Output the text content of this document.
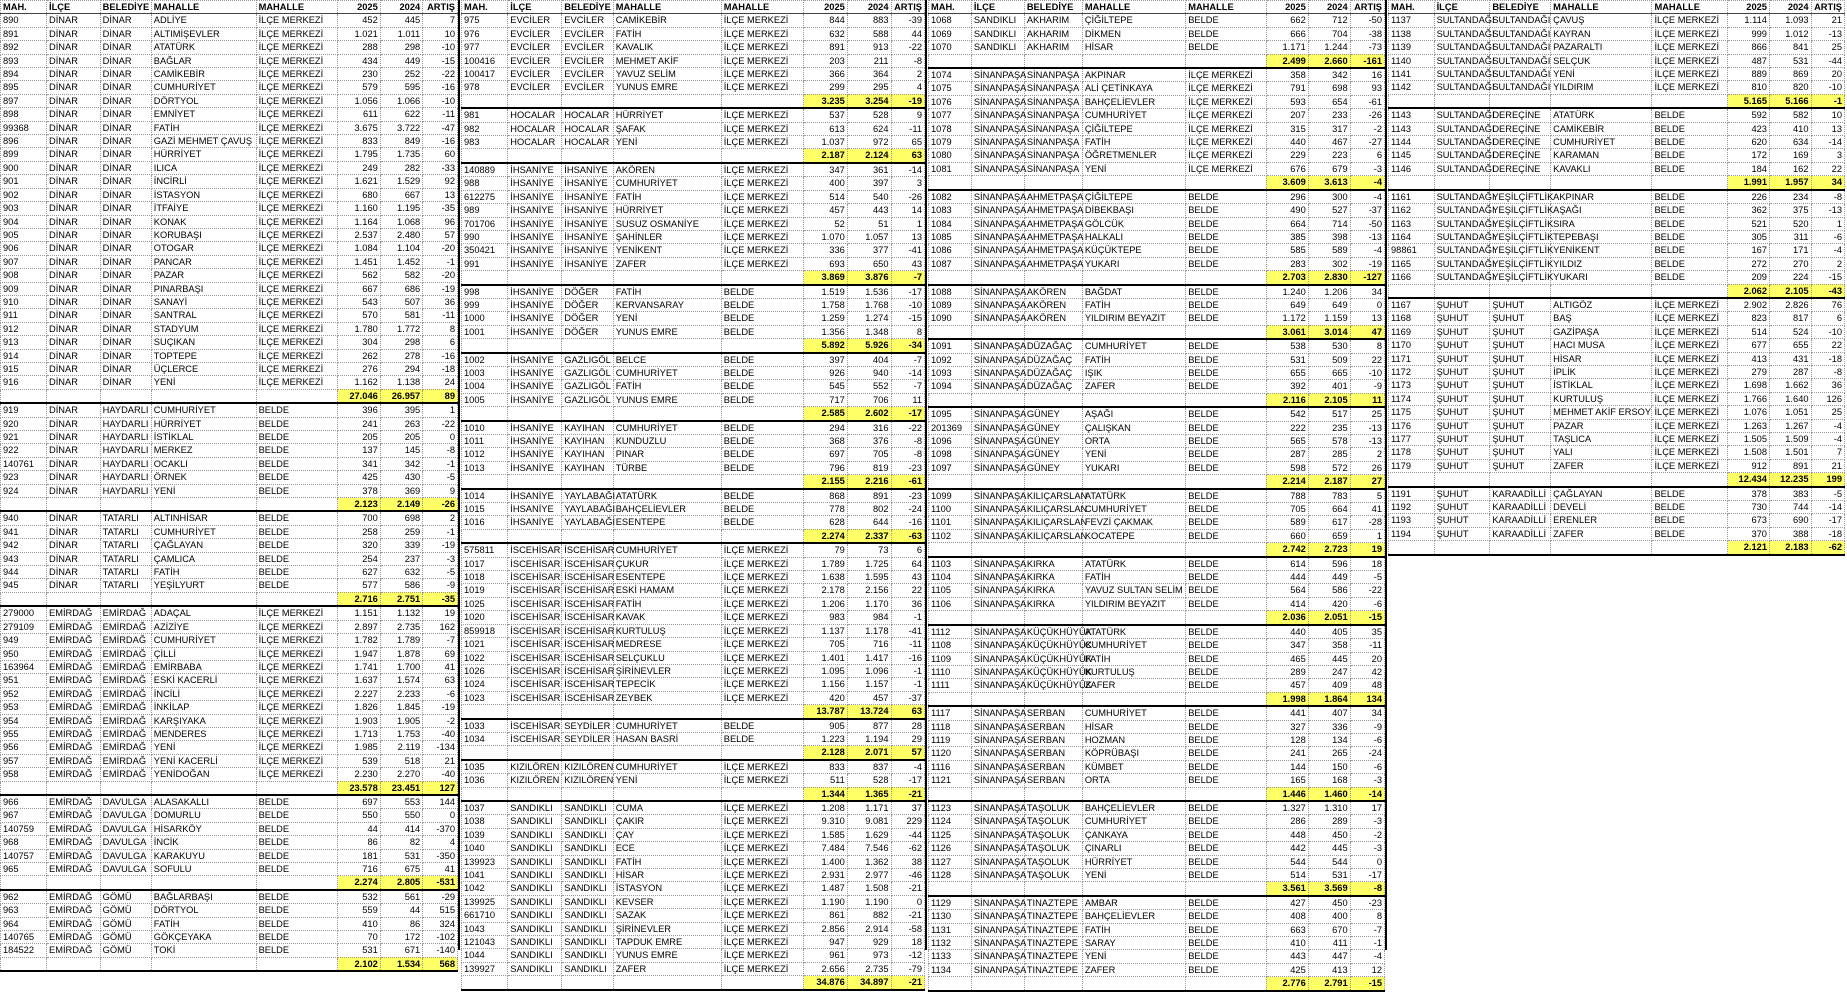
MAH.	İLÇE	BELEDİYE	MAHALLE	MAHALLE	2025	2024	ARTIŞ
890	DİNAR	DİNAR	ADLİYE	İLÇE MERKEZİ	452	445	7
891	DİNAR	DİNAR	ALTIMİŞEVLER	İLÇE MERKEZİ	1.021	1.011	10
892	DİNAR	DİNAR	ATATÜRK	İLÇE MERKEZİ	288	298	-10
893	DİNAR	DİNAR	BAĞLAR	İLÇE MERKEZİ	434	449	-15
894	DİNAR	DİNAR	CAMİKEBİR	İLÇE MERKEZİ	230	252	-22
895	DİNAR	DİNAR	CUMHURİYET	İLÇE MERKEZİ	579	595	-16
897	DİNAR	DİNAR	DÖRTYOL	İLÇE MERKEZİ	1.056	1.066	-10
898	DİNAR	DİNAR	EMNİYET	İLÇE MERKEZİ	611	622	-11
99368	DİNAR	DİNAR	FATİH	İLÇE MERKEZİ	3.675	3.722	-47
896	DİNAR	DİNAR	GAZİ MEHMET ÇAVUŞ	İLÇE MERKEZİ	833	849	-16
899	DİNAR	DİNAR	HÜRRİYET	İLÇE MERKEZİ	1.795	1.735	60
900	DİNAR	DİNAR	ILICA	İLÇE MERKEZİ	249	282	-33
901	DİNAR	DİNAR	İNCİRLİ	İLÇE MERKEZİ	1.621	1.529	92
902	DİNAR	DİNAR	İSTASYON	İLÇE MERKEZİ	680	667	13
903	DİNAR	DİNAR	İTFAİYE	İLÇE MERKEZİ	1.160	1.195	-35
904	DİNAR	DİNAR	KONAK	İLÇE MERKEZİ	1.164	1.068	96
905	DİNAR	DİNAR	KORUBAŞI	İLÇE MERKEZİ	2.537	2.480	57
906	DİNAR	DİNAR	OTOGAR	İLÇE MERKEZİ	1.084	1.104	-20
907	DİNAR	DİNAR	PANCAR	İLÇE MERKEZİ	1.451	1.452	-1
908	DİNAR	DİNAR	PAZAR	İLÇE MERKEZİ	562	582	-20
909	DİNAR	DİNAR	PINARBAŞI	İLÇE MERKEZİ	667	686	-19
910	DİNAR	DİNAR	SANAYİ	İLÇE MERKEZİ	543	507	36
911	DİNAR	DİNAR	SANTRAL	İLÇE MERKEZİ	570	581	-11
912	DİNAR	DİNAR	STADYUM	İLÇE MERKEZİ	1.780	1.772	8
913	DİNAR	DİNAR	SUÇIKAN	İLÇE MERKEZİ	304	298	6
914	DİNAR	DİNAR	TOPTEPE	İLÇE MERKEZİ	262	278	-16
915	DİNAR	DİNAR	ÜÇLERCE	İLÇE MERKEZİ	276	294	-18
916	DİNAR	DİNAR	YENİ	İLÇE MERKEZİ	1.162	1.138	24
					27.046	26.957	89
919	DİNAR	HAYDARLI	CUMHURİYET	BELDE	396	395	1
920	DİNAR	HAYDARLI	HÜRRİYET	BELDE	241	263	-22
921	DİNAR	HAYDARLI	İSTİKLAL	BELDE	205	205	0
922	DİNAR	HAYDARLI	MERKEZ	BELDE	137	145	-8
140761	DİNAR	HAYDARLI	OCAKLI	BELDE	341	342	-1
923	DİNAR	HAYDARLI	ÖRNEK	BELDE	425	430	-5
924	DİNAR	HAYDARLI	YENİ	BELDE	378	369	9
					2.123	2.149	-26
940	DİNAR	TATARLI	ALTINHİSAR	BELDE	700	698	2
941	DİNAR	TATARLI	CUMHURİYET	BELDE	258	259	-1
942	DİNAR	TATARLI	ÇAĞLAYAN	BELDE	320	339	-19
943	DİNAR	TATARLI	ÇAMLICA	BELDE	254	237	-3
944	DİNAR	TATARLI	FATİH	BELDE	627	632	-5
945	DİNAR	TATARLI	YEŞİLYURT	BELDE	577	586	-9
					2.716	2.751	-35
279000	EMİRDAĞ	EMİRDAĞ	ADAÇAL	İLÇE MERKEZİ	1.151	1.132	19
279109	EMİRDAĞ	EMİRDAĞ	AZİZİYE	İLÇE MERKEZİ	2.897	2.735	162
949	EMİRDAĞ	EMİRDAĞ	CUMHURİYET	İLÇE MERKEZİ	1.782	1.789	-7
950	EMİRDAĞ	EMİRDAĞ	ÇİLLİ	İLÇE MERKEZİ	1.947	1.878	69
163964	EMİRDAĞ	EMİRDAĞ	EMİRBABA	İLÇE MERKEZİ	1.741	1.700	41
951	EMİRDAĞ	EMİRDAĞ	ESKİ KACERLİ	İLÇE MERKEZİ	1.637	1.574	63
952	EMİRDAĞ	EMİRDAĞ	İNCİLİ	İLÇE MERKEZİ	2.227	2.233	-6
953	EMİRDAĞ	EMİRDAĞ	İNKİLAP	İLÇE MERKEZİ	1.826	1.845	-19
954	EMİRDAĞ	EMİRDAĞ	KARŞIYAKA	İLÇE MERKEZİ	1.903	1.905	-2
955	EMİRDAĞ	EMİRDAĞ	MENDERES	İLÇE MERKEZİ	1.713	1.753	-40
956	EMİRDAĞ	EMİRDAĞ	YENİ	İLÇE MERKEZİ	1.985	2.119	-134
957	EMİRDAĞ	EMİRDAĞ	YENİ KACERLİ	İLÇE MERKEZİ	539	518	21
958	EMİRDAĞ	EMİRDAĞ	YENİDOĞAN	İLÇE MERKEZİ	2.230	2.270	-40
					23.578	23.451	127
966	EMİRDAĞ	DAVULGA	ALASAKALLI	BELDE	697	553	144
967	EMİRDAĞ	DAVULGA	DOMURLU	BELDE	550	550	0
140759	EMİRDAĞ	DAVULGA	HİSARKÖY	BELDE	44	414	-370
968	EMİRDAĞ	DAVULGA	İNCİK	BELDE	86	82	4
140757	EMİRDAĞ	DAVULGA	KARAKUYU	BELDE	181	531	-350
965	EMİRDAĞ	DAVULGA	SOFULU	BELDE	716	675	41
					2.274	2.805	-531
962	EMİRDAĞ	GÖMÜ	BAĞLARBAŞI	BELDE	532	561	-29
963	EMİRDAĞ	GÖMÜ	DÖRTYOL	BELDE	559	44	515
964	EMİRDAĞ	GÖMÜ	FATİH	BELDE	410	86	324
140765	EMİRDAĞ	GÖMÜ	GÖKÇEYAKA	BELDE	70	172	-102
184522	EMİRDAĞ	GÖMÜ	TOKİ	BELDE	531	671	-140
					2.102	1.534	568
MAH.	İLÇE	BELEDİYE	MAHALLE	MAHALLE	2025	2024	ARTIŞ
975	EVCİLER	EVCİLER	CAMİKEBİR	İLÇE MERKEZİ	844	883	-39
976	EVCİLER	EVCİLER	FATİH	İLÇE MERKEZİ	632	588	44
977	EVCİLER	EVCİLER	KAVALIK	İLÇE MERKEZİ	891	913	-22
100416	EVCİLER	EVCİLER	MEHMET AKİF	İLÇE MERKEZİ	203	211	-8
100417	EVCİLER	EVCİLER	YAVUZ SELİM	İLÇE MERKEZİ	366	364	2
978	EVCİLER	EVCİLER	YUNUS EMRE	İLÇE MERKEZİ	299	295	4
					3.235	3.254	-19
981	HOCALAR	HOCALAR	HÜRRİYET	İLÇE MERKEZİ	537	528	9
982	HOCALAR	HOCALAR	ŞAFAK	İLÇE MERKEZİ	613	624	-11
983	HOCALAR	HOCALAR	YENİ	İLÇE MERKEZİ	1.037	972	65
					2.187	2.124	63
140889	İHSANİYE	İHSANİYE	AKÖREN	İLÇE MERKEZİ	347	361	-14
988	İHSANİYE	İHSANİYE	CUMHURİYET	İLÇE MERKEZİ	400	397	3
612275	İHSANİYE	İHSANİYE	FATİH	İLÇE MERKEZİ	514	540	-26
989	İHSANİYE	İHSANİYE	HÜRRİYET	İLÇE MERKEZİ	457	443	14
701706	İHSANİYE	İHSANİYE	SUSUZ OSMANİYE	İLÇE MERKEZİ	52	51	1
990	İHSANİYE	İHSANİYE	ŞAHİNLER	İLÇE MERKEZİ	1.070	1.057	13
350421	İHSANİYE	İHSANİYE	YENİKENT	İLÇE MERKEZİ	336	377	-41
991	İHSANİYE	İHSANİYE	ZAFER	İLÇE MERKEZİ	693	650	43
					3.869	3.876	-7
998	İHSANİYE	DÖĞER	FATİH	BELDE	1.519	1.536	-17
999	İHSANİYE	DÖĞER	KERVANSARAY	BELDE	1.758	1.768	-10
1000	İHSANİYE	DÖĞER	YENİ	BELDE	1.259	1.274	-15
1001	İHSANİYE	DÖĞER	YUNUS EMRE	BELDE	1.356	1.348	8
					5.892	5.926	-34
1002	İHSANİYE	GAZLIGÖL	BELCE	BELDE	397	404	-7
1003	İHSANİYE	GAZLIGÖL	CUMHURİYET	BELDE	926	940	-14
1004	İHSANİYE	GAZLIGÖL	FATİH	BELDE	545	552	-7
1005	İHSANİYE	GAZLIGÖL	YUNUS EMRE	BELDE	717	706	11
					2.585	2.602	-17
1010	İHSANİYE	KAYIHAN	CUMHURİYET	BELDE	294	316	-22
1011	İHSANİYE	KAYIHAN	KUNDUZLU	BELDE	368	376	-8
1012	İHSANİYE	KAYIHAN	PINAR	BELDE	697	705	-8
1013	İHSANİYE	KAYIHAN	TÜRBE	BELDE	796	819	-23
					2.155	2.216	-61
1014	İHSANİYE	YAYLABAĞI	ATATÜRK	BELDE	868	891	-23
1015	İHSANİYE	YAYLABAĞI	BAHÇELİEVLER	BELDE	778	802	-24
1016	İHSANİYE	YAYLABAĞI	ESENTEPE	BELDE	628	644	-16
					2.274	2.337	-63
575811	İSCEHİSAR	İSCEHİSAR	CUMHURİYET	İLÇE MERKEZİ	79	73	6
1017	İSCEHİSAR	İSCEHİSAR	ÇUKUR	İLÇE MERKEZİ	1.789	1.725	64
1018	İSCEHİSAR	İSCEHİSAR	ESENTEPE	İLÇE MERKEZİ	1.638	1.595	43
1019	İSCEHİSAR	İSCEHİSAR	ESKİ HAMAM	İLÇE MERKEZİ	2.178	2.156	22
1025	İSCEHİSAR	İSCEHİSAR	FATİH	İLÇE MERKEZİ	1.206	1.170	36
1020	İSCEHİSAR	İSCEHİSAR	KAVAK	İLÇE MERKEZİ	983	984	-1
859918	İSCEHİSAR	İSCEHİSAR	KURTULUŞ	İLÇE MERKEZİ	1.137	1.178	-41
1021	İSCEHİSAR	İSCEHİSAR	MEDRESE	İLÇE MERKEZİ	705	716	-11
1022	İSCEHİSAR	İSCEHİSAR	SELÇUKLU	İLÇE MERKEZİ	1.401	1.417	-16
1026	İSCEHİSAR	İSCEHİSAR	ŞİRİNEVLER	İLÇE MERKEZİ	1.095	1.096	-1
1024	İSCEHİSAR	İSCEHİSAR	TEPECİK	İLÇE MERKEZİ	1.156	1.157	-1
1023	İSCEHİSAR	İSCEHİSAR	ZEYBEK	İLÇE MERKEZİ	420	457	-37
					13.787	13.724	63
1033	İSCEHİSAR	SEYDİLER	CUMHURİYET	BELDE	905	877	28
1034	İSCEHİSAR	SEYDİLER	HASAN BASRİ	BELDE	1.223	1.194	29
					2.128	2.071	57
1035	KIZILÖREN	KIZILÖREN	CUMHURİYET	İLÇE MERKEZİ	833	837	-4
1036	KIZILÖREN	KIZILÖREN	YENİ	İLÇE MERKEZİ	511	528	-17
					1.344	1.365	-21
1037	SANDIKLI	SANDIKLI	CUMA	İLÇE MERKEZİ	1.208	1.171	37
1038	SANDIKLI	SANDIKLI	ÇAKIR	İLÇE MERKEZİ	9.310	9.081	229
1039	SANDIKLI	SANDIKLI	ÇAY	İLÇE MERKEZİ	1.585	1.629	-44
1040	SANDIKLI	SANDIKLI	ECE	İLÇE MERKEZİ	7.484	7.546	-62
139923	SANDIKLI	SANDIKLI	FATİH	İLÇE MERKEZİ	1.400	1.362	38
1041	SANDIKLI	SANDIKLI	HİSAR	İLÇE MERKEZİ	2.931	2.977	-46
1042	SANDIKLI	SANDIKLI	İSTASYON	İLÇE MERKEZİ	1.487	1.508	-21
139925	SANDIKLI	SANDIKLI	KEVSER	İLÇE MERKEZİ	1.190	1.190	0
661710	SANDIKLI	SANDIKLI	SAZAK	İLÇE MERKEZİ	861	882	-21
1043	SANDIKLI	SANDIKLI	ŞİRİNEVLER	İLÇE MERKEZİ	2.856	2.914	-58
121043	SANDIKLI	SANDIKLI	TAPDUK EMRE	İLÇE MERKEZİ	947	929	18
1044	SANDIKLI	SANDIKLI	YUNUS EMRE	İLÇE MERKEZİ	961	973	-12
139927	SANDIKLI	SANDIKLI	ZAFER	İLÇE MERKEZİ	2.656	2.735	-79
					34.876	34.897	-21
MAH.	İLÇE	BELEDİYE	MAHALLE	MAHALLE	2025	2024	ARTIŞ
1068	SANDIKLI	AKHARIM	ÇİĞİLTEPE	BELDE	662	712	-50
1069	SANDIKLI	AKHARIM	DİKMEN	BELDE	666	704	-38
1070	SANDIKLI	AKHARIM	HİSAR	BELDE	1.171	1.244	-73
					2.499	2.660	-161
1074	SİNANPAŞA	SİNANPAŞA	AKPINAR	İLÇE MERKEZİ	358	342	16
1075	SİNANPAŞA	SİNANPAŞA	ALİ ÇETİNKAYA	İLÇE MERKEZİ	791	698	93
1076	SİNANPAŞA	SİNANPAŞA	BAHÇELİEVLER	İLÇE MERKEZİ	593	654	-61
1077	SİNANPAŞA	SİNANPAŞA	CUMHURİYET	İLÇE MERKEZİ	207	233	-26
1078	SİNANPAŞA	SİNANPAŞA	ÇİĞİLTEPE	İLÇE MERKEZİ	315	317	-2
1079	SİNANPAŞA	SİNANPAŞA	FATİH	İLÇE MERKEZİ	440	467	-27
1080	SİNANPAŞA	SİNANPAŞA	ÖĞRETMENLER	İLÇE MERKEZİ	229	223	6
1081	SİNANPAŞA	SİNANPAŞA	YENİ	İLÇE MERKEZİ	676	679	-3
					3.609	3.613	-4
1082	SİNANPAŞA	AHMETPAŞA	ÇİĞİLTEPE	BELDE	296	300	-4
1083	SİNANPAŞA	AHMETPAŞA	DİBEKBAŞI	BELDE	490	527	-37
1084	SİNANPAŞA	AHMETPAŞA	GÖLCÜK	BELDE	664	714	-50
1085	SİNANPAŞA	AHMETPAŞA	HALKALI	BELDE	385	398	-13
1086	SİNANPAŞA	AHMETPAŞA	KÜÇÜKTEPE	BELDE	585	589	-4
1087	SİNANPAŞA	AHMETPAŞA	YUKARI	BELDE	283	302	-19
					2.703	2.830	-127
1088	SİNANPAŞA	AKÖREN	BAĞDAT	BELDE	1.240	1.206	34
1089	SİNANPAŞA	AKÖREN	FATİH	BELDE	649	649	0
1090	SİNANPAŞA	AKÖREN	YILDIRIM BEYAZIT	BELDE	1.172	1.159	13
					3.061	3.014	47
1091	SİNANPAŞA	DÜZAĞAÇ	CUMHURİYET	BELDE	538	530	8
1092	SİNANPAŞA	DÜZAĞAÇ	FATİH	BELDE	531	509	22
1093	SİNANPAŞA	DÜZAĞAÇ	IŞIK	BELDE	655	665	-10
1094	SİNANPAŞA	DÜZAĞAÇ	ZAFER	BELDE	392	401	-9
					2.116	2.105	11
1095	SİNANPAŞA	GÜNEY	AŞAĞI	BELDE	542	517	25
201369	SİNANPAŞA	GÜNEY	ÇALIŞKAN	BELDE	222	235	-13
1096	SİNANPAŞA	GÜNEY	ORTA	BELDE	565	578	-13
1098	SİNANPAŞA	GÜNEY	YENİ	BELDE	287	285	2
1097	SİNANPAŞA	GÜNEY	YUKARI	BELDE	598	572	26
					2.214	2.187	27
1099	SİNANPAŞA	KILIÇARSLAN	ATATÜRK	BELDE	788	783	5
1100	SİNANPAŞA	KILIÇARSLAN	CUMHURİYET	BELDE	705	664	41
1101	SİNANPAŞA	KILIÇARSLAN	FEVZİ ÇAKMAK	BELDE	589	617	-28
1102	SİNANPAŞA	KILIÇARSLAN	KOCATEPE	BELDE	660	659	1
					2.742	2.723	19
1103	SİNANPAŞA	KIRKA	ATATÜRK	BELDE	614	596	18
1104	SİNANPAŞA	KIRKA	FATİH	BELDE	444	449	-5
1105	SİNANPAŞA	KIRKA	YAVUZ SULTAN SELİM	BELDE	564	586	-22
1106	SİNANPAŞA	KIRKA	YILDIRIM BEYAZIT	BELDE	414	420	-6
					2.036	2.051	-15
1112	SİNANPAŞA	KÜÇÜKHÜYÜK	ATATÜRK	BELDE	440	405	35
1108	SİNANPAŞA	KÜÇÜKHÜYÜK	CUMHURİYET	BELDE	347	358	-11
1109	SİNANPAŞA	KÜÇÜKHÜYÜK	FATİH	BELDE	465	445	20
1110	SİNANPAŞA	KÜÇÜKHÜYÜK	KURTULUŞ	BELDE	289	247	42
1111	SİNANPAŞA	KÜÇÜKHÜYÜK	ZAFER	BELDE	457	409	48
					1.998	1.864	134
1117	SİNANPAŞA	SERBAN	CUMHURİYET	BELDE	441	407	34
1118	SİNANPAŞA	SERBAN	HİSAR	BELDE	327	336	-9
1119	SİNANPAŞA	SERBAN	HOZMAN	BELDE	128	134	-6
1120	SİNANPAŞA	SERBAN	KÖPRÜBAŞI	BELDE	241	265	-24
1116	SİNANPAŞA	SERBAN	KÜMBET	BELDE	144	150	-6
1121	SİNANPAŞA	SERBAN	ORTA	BELDE	165	168	-3
					1.446	1.460	-14
1123	SİNANPAŞA	TAŞOLUK	BAHÇELİEVLER	BELDE	1.327	1.310	17
1124	SİNANPAŞA	TAŞOLUK	CUMHURİYET	BELDE	286	289	-3
1125	SİNANPAŞA	TAŞOLUK	ÇANKAYA	BELDE	448	450	-2
1126	SİNANPAŞA	TAŞOLUK	ÇINARLI	BELDE	442	445	-3
1127	SİNANPAŞA	TAŞOLUK	HÜRRİYET	BELDE	544	544	0
1128	SİNANPAŞA	TAŞOLUK	YENİ	BELDE	514	531	-17
					3.561	3.569	-8
1129	SİNANPAŞA	TINAZTEPE	AMBAR	BELDE	427	450	-23
1130	SİNANPAŞA	TINAZTEPE	BAHÇELİEVLER	BELDE	408	400	8
1131	SİNANPAŞA	TINAZTEPE	FATİH	BELDE	663	670	-7
1132	SİNANPAŞA	TINAZTEPE	SARAY	BELDE	410	411	-1
1133	SİNANPAŞA	TINAZTEPE	YENİ	BELDE	443	447	-4
1134	SİNANPAŞA	TINAZTEPE	ZAFER	BELDE	425	413	12
					2.776	2.791	-15
MAH.	İLÇE	BELEDİYE	MAHALLE	MAHALLE	2025	2024	ARTIŞ
1137	SULTANDAĞI	SULTANDAĞI	ÇAVUŞ	İLÇE MERKEZİ	1.114	1.093	21
1138	SULTANDAĞI	SULTANDAĞI	KAYRAN	İLÇE MERKEZİ	999	1.012	-13
1139	SULTANDAĞI	SULTANDAĞI	PAZARALTI	İLÇE MERKEZİ	866	841	25
1140	SULTANDAĞI	SULTANDAĞI	SELÇUK	İLÇE MERKEZİ	487	531	-44
1141	SULTANDAĞI	SULTANDAĞI	YENİ	İLÇE MERKEZİ	889	869	20
1142	SULTANDAĞI	SULTANDAĞI	YILDIRIM	İLÇE MERKEZİ	810	820	-10
					5.165	5.166	-1
1143	SULTANDAĞI	DEREÇİNE	ATATÜRK	BELDE	592	582	10
1143	SULTANDAĞI	DEREÇİNE	CAMİKEBİR	BELDE	423	410	13
1144	SULTANDAĞI	DEREÇİNE	CUMHURİYET	BELDE	620	634	-14
1145	SULTANDAĞI	DEREÇİNE	KARAMAN	BELDE	172	169	3
1146	SULTANDAĞI	DEREÇİNE	KAVAKLI	BELDE	184	162	22
					1.991	1.957	34
1161	SULTANDAĞI	YEŞİLÇİFTLİK	AKPINAR	BELDE	226	234	-8
1162	SULTANDAĞI	YEŞİLÇİFTLİK	AŞAĞI	BELDE	362	375	-13
1163	SULTANDAĞI	YEŞİLÇİFTLİK	SIRA	BELDE	521	520	1
1164	SULTANDAĞI	YEŞİLÇİFTLİK	TEPEBAŞI	BELDE	305	311	-6
98861	SULTANDAĞI	YEŞİLÇİFTLİK	YENİKENT	BELDE	167	171	-4
1165	SULTANDAĞI	YEŞİLÇİFTLİK	YILDIZ	BELDE	272	270	2
1166	SULTANDAĞI	YEŞİLÇİFTLİK	YUKARI	BELDE	209	224	-15
					2.062	2.105	-43
1167	ŞUHUT	ŞUHUT	ALTIGÖZ	İLÇE MERKEZİ	2.902	2.826	76
1168	ŞUHUT	ŞUHUT	BAŞ	İLÇE MERKEZİ	823	817	6
1169	ŞUHUT	ŞUHUT	GAZİPAŞA	İLÇE MERKEZİ	514	524	-10
1170	ŞUHUT	ŞUHUT	HACI MUSA	İLÇE MERKEZİ	677	655	22
1171	ŞUHUT	ŞUHUT	HİSAR	İLÇE MERKEZİ	413	431	-18
1172	ŞUHUT	ŞUHUT	İPLİK	İLÇE MERKEZİ	279	287	-8
1173	ŞUHUT	ŞUHUT	İSTİKLAL	İLÇE MERKEZİ	1.698	1.662	36
1174	ŞUHUT	ŞUHUT	KURTULUŞ	İLÇE MERKEZİ	1.766	1.640	126
1175	ŞUHUT	ŞUHUT	MEHMET AKİF ERSOY	İLÇE MERKEZİ	1.076	1.051	25
1176	ŞUHUT	ŞUHUT	PAZAR	İLÇE MERKEZİ	1.263	1.267	-4
1177	ŞUHUT	ŞUHUT	TAŞLICA	İLÇE MERKEZİ	1.505	1.509	-4
1178	ŞUHUT	ŞUHUT	YALI	İLÇE MERKEZİ	1.508	1.501	7
1179	ŞUHUT	ŞUHUT	ZAFER	İLÇE MERKEZİ	912	891	21
					12.434	12.235	199
1191	ŞUHUT	KARAADİLLİ	ÇAĞLAYAN	BELDE	378	383	-5
1192	ŞUHUT	KARAADİLLİ	DEVELİ	BELDE	730	744	-14
1193	ŞUHUT	KARAADİLLİ	ERENLER	BELDE	673	690	-17
1194	ŞUHUT	KARAADİLLİ	ZAFER	BELDE	370	388	-18
					2.121	2.183	-62
